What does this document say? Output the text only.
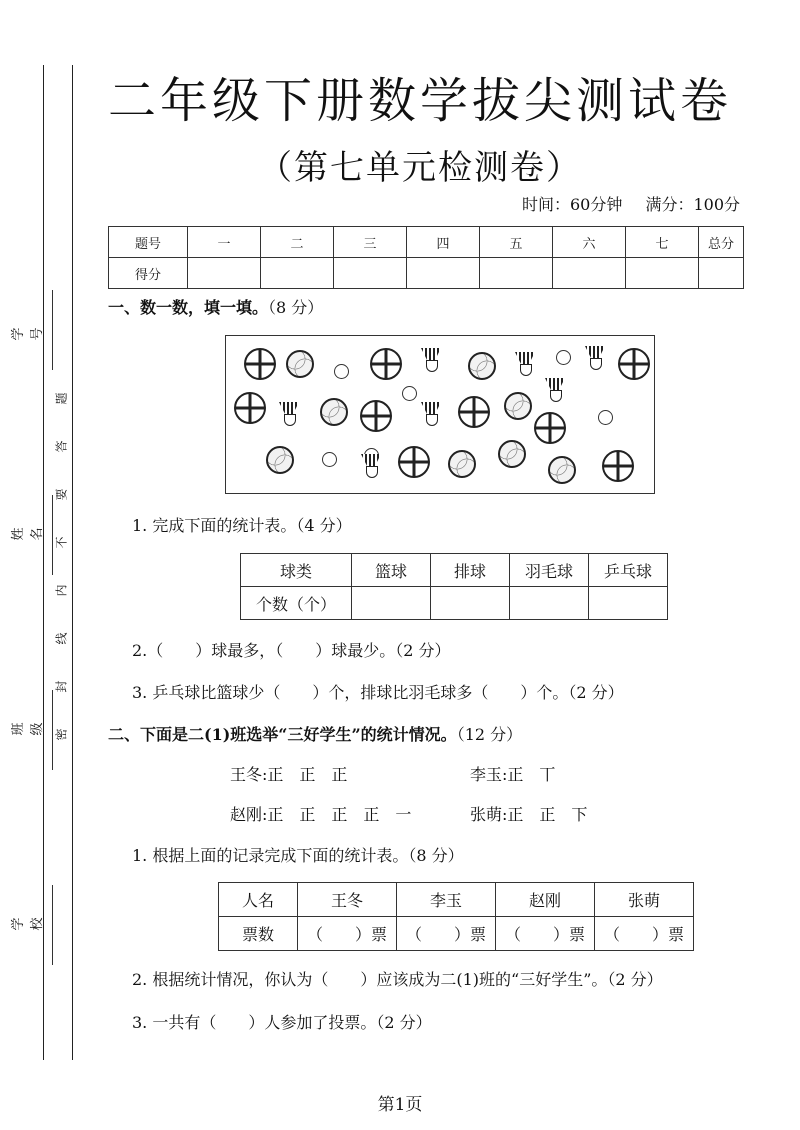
学号
姓名
班级
学校
题
答
要
不
内
线
封
密
二年级下册数学拔尖测试卷
（第七单元检测卷）
时间：60分钟 满分：100分
题号	一	二	三	四	五	六	七	总分
得分								
一、数一数，填一填。（8 分）
1. 完成下面的统计表。（4 分）
球类	篮球	排球	羽毛球	乒乓球
个数（个）				
2.（　　）球最多，（　　）球最少。（2 分）
3. 乒乓球比篮球少（　　）个，排球比羽毛球多（　　）个。（2 分）
二、下面是二(1)班选举“三好学生”的统计情况。（12 分）
王冬:正　正　正	李玉:正　丅
赵刚:正　正　正　正　一	张萌:正　正　下
1. 根据上面的记录完成下面的统计表。（8 分）
人名	王冬	李玉	赵刚	张萌
票数	（　　）票	（　　）票	（　　）票	（　　）票
2. 根据统计情况，你认为（　　）应该成为二(1)班的“三好学生”。（2 分）
3. 一共有（　　）人参加了投票。（2 分）
第1页
